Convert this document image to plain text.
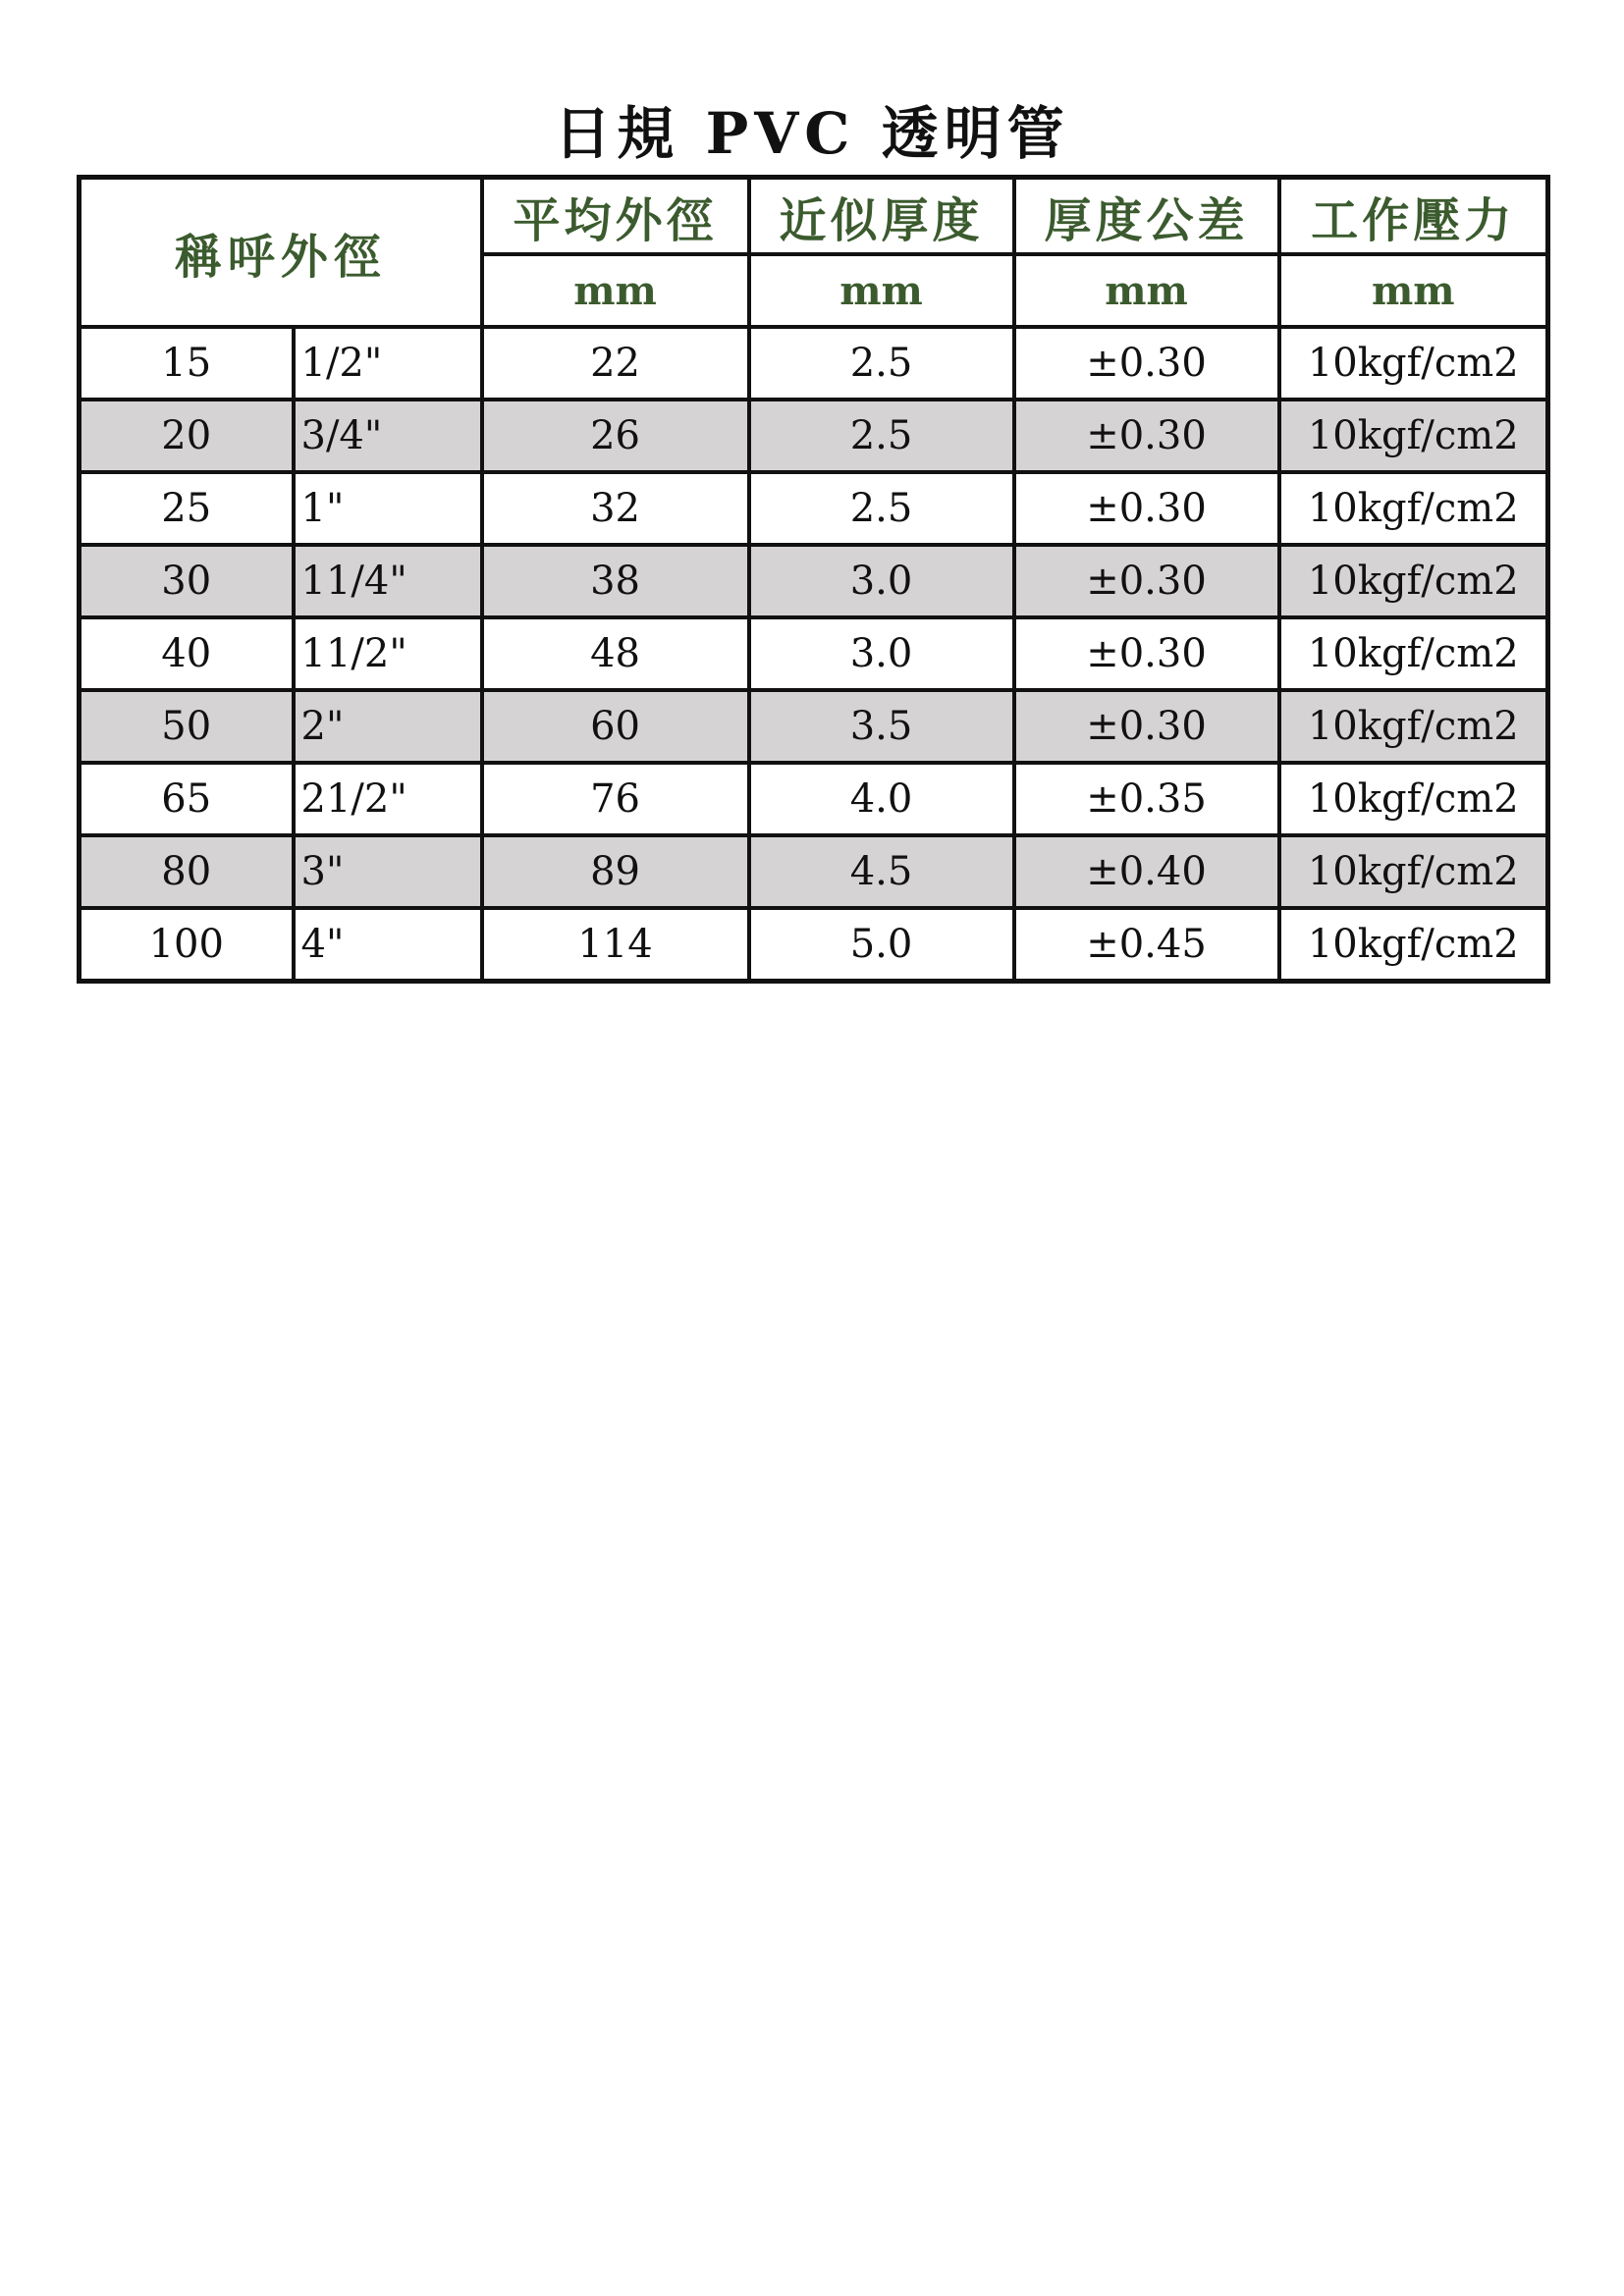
日規 PVC 透明管
稱呼外徑		平均外徑	近似厚度	厚度公差	工作壓力
		mm	mm	mm	mm
15	1/2"	22	2.5	±0.30	10kgf/cm2
20	3/4"	26	2.5	±0.30	10kgf/cm2
25	1"	32	2.5	±0.30	10kgf/cm2
30	11/4"	38	3.0	±0.30	10kgf/cm2
40	11/2"	48	3.0	±0.30	10kgf/cm2
50	2"	60	3.5	±0.30	10kgf/cm2
65	21/2"	76	4.0	±0.35	10kgf/cm2
80	3"	89	4.5	±0.40	10kgf/cm2
100	4"	114	5.0	±0.45	10kgf/cm2
